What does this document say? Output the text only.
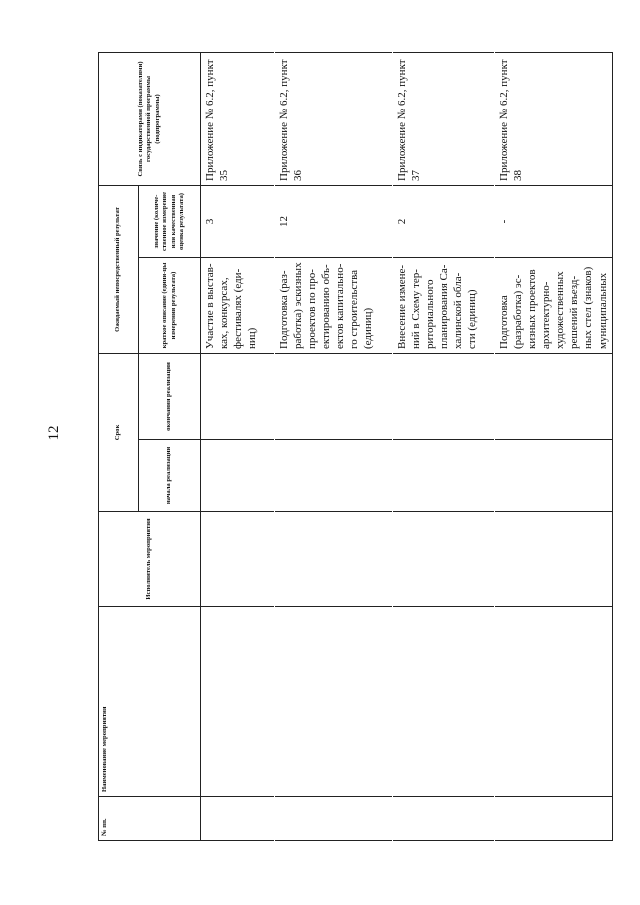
12
№ пп.	Наименование мероприятия	Исполнитель мероприятия	Срок		Ожидаемый непосредственный результат		Связь с индикаторами (показателями) государственной программы (подпрограммы)
			начала реализации	окончания реализации	краткое описание (едини-цы измерения результата)	значение (количе-ственное измерение или качественная оценка результата)	
					Участие в выстав-ках, конкурсах, фестивалях (еди-ниц)	3	Приложение № 6.2, пункт 35
					Подготовка (раз-работка) эскизных проектов по про-ектированию объ-ектов капитально-го строительства (единиц)	12	Приложение № 6.2, пункт 36
					Внесение измене-ний в Схему тер-риториального планирования Са-халинской обла-сти (единиц)	2	Приложение № 6.2, пункт 37
					Подготовка (разработка) эс-кизных проектов архитектурно-художественных решений въезд-ных стел (знаков) муниципальных	-	Приложение № 6.2, пункт 38
